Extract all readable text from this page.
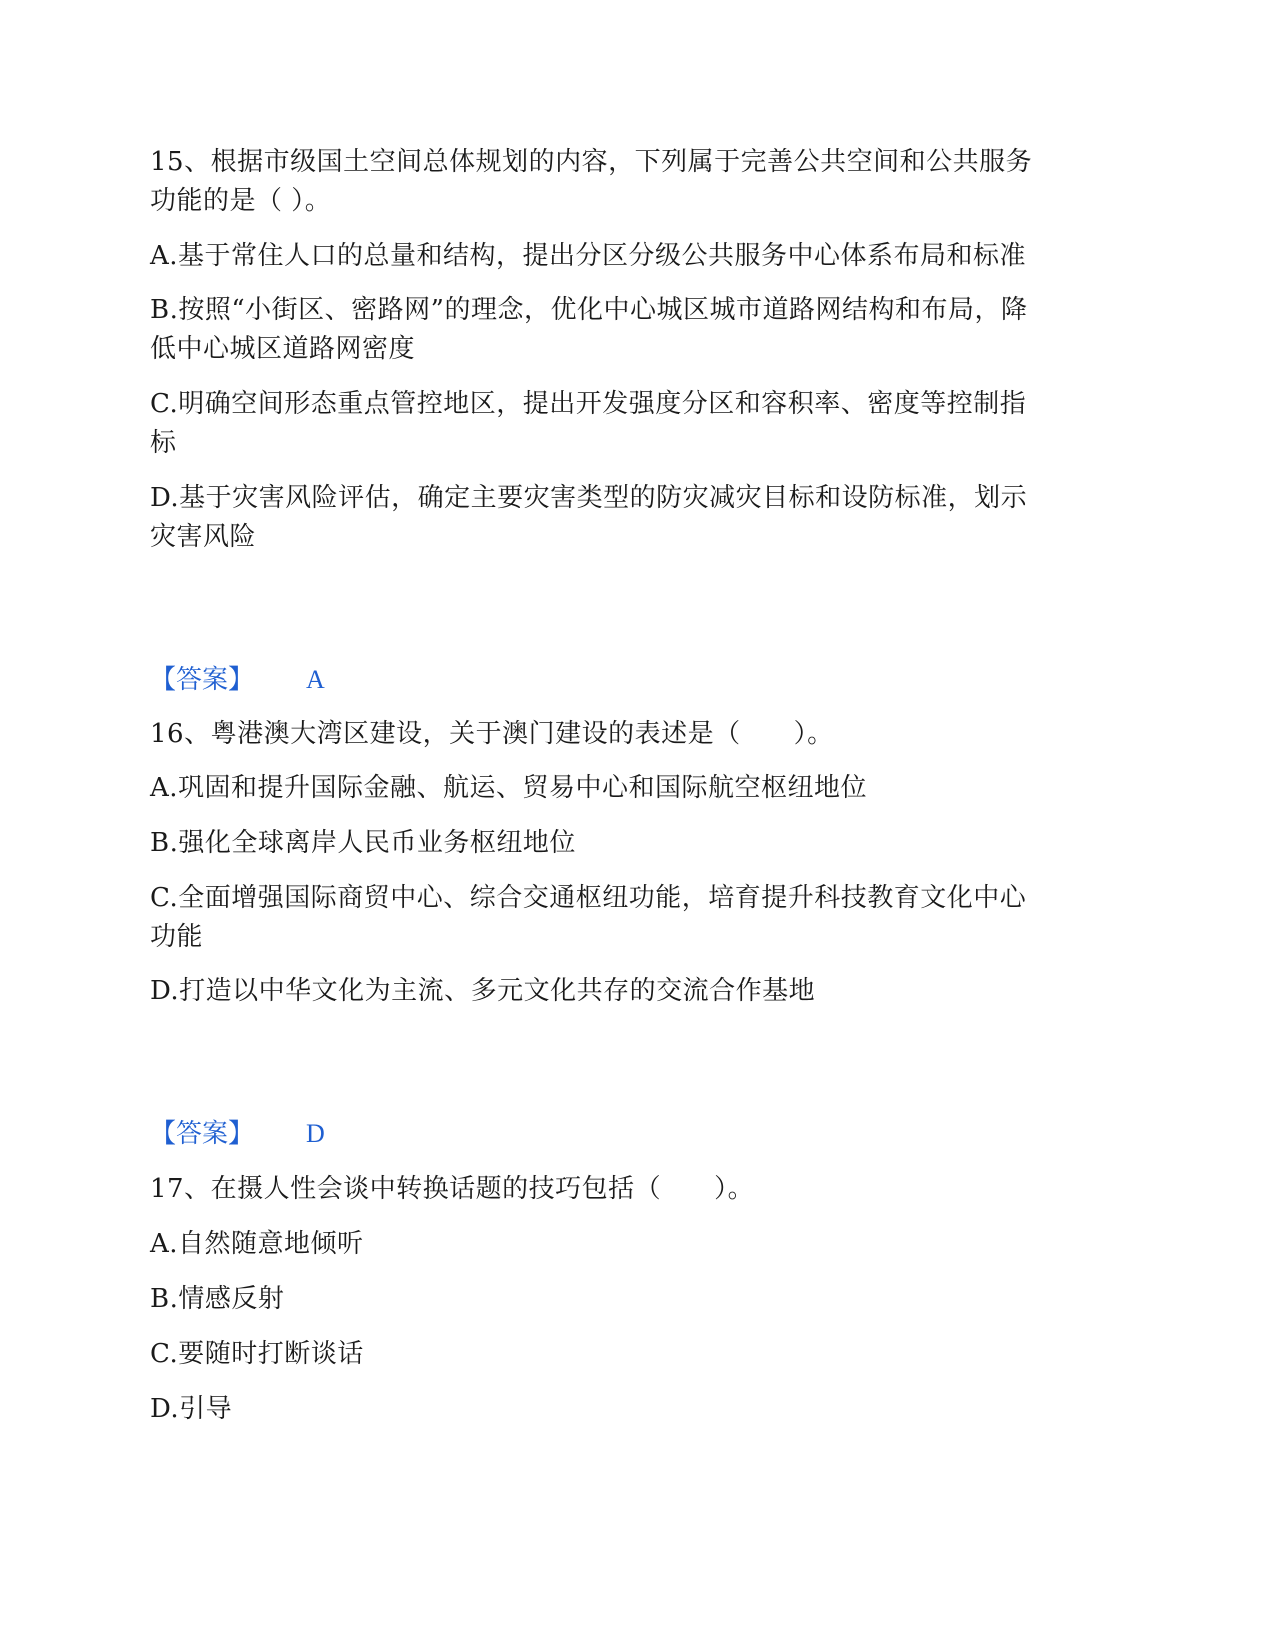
15、根据市级国土空间总体规划的内容，下列属于完善公共空间和公共服务
功能的是（ ）。
A.基于常住人口的总量和结构，提出分区分级公共服务中心体系布局和标准
B.按照“小街区、密路网”的理念，优化中心城区城市道路网结构和布局，降
低中心城区道路网密度
C.明确空间形态重点管控地区，提出开发强度分区和容积率、密度等控制指
标
D.基于灾害风险评估，确定主要灾害类型的防灾减灾目标和设防标准，划示
灾害风险
【答案】 A
16、粤港澳大湾区建设，关于澳门建设的表述是（　　）。
A.巩固和提升国际金融、航运、贸易中心和国际航空枢纽地位
B.强化全球离岸人民币业务枢纽地位
C.全面增强国际商贸中心、综合交通枢纽功能，培育提升科技教育文化中心
功能
D.打造以中华文化为主流、多元文化共存的交流合作基地
【答案】 D
17、在摄人性会谈中转换话题的技巧包括（　　）。
A.自然随意地倾听
B.情感反射
C.要随时打断谈话
D.引导
